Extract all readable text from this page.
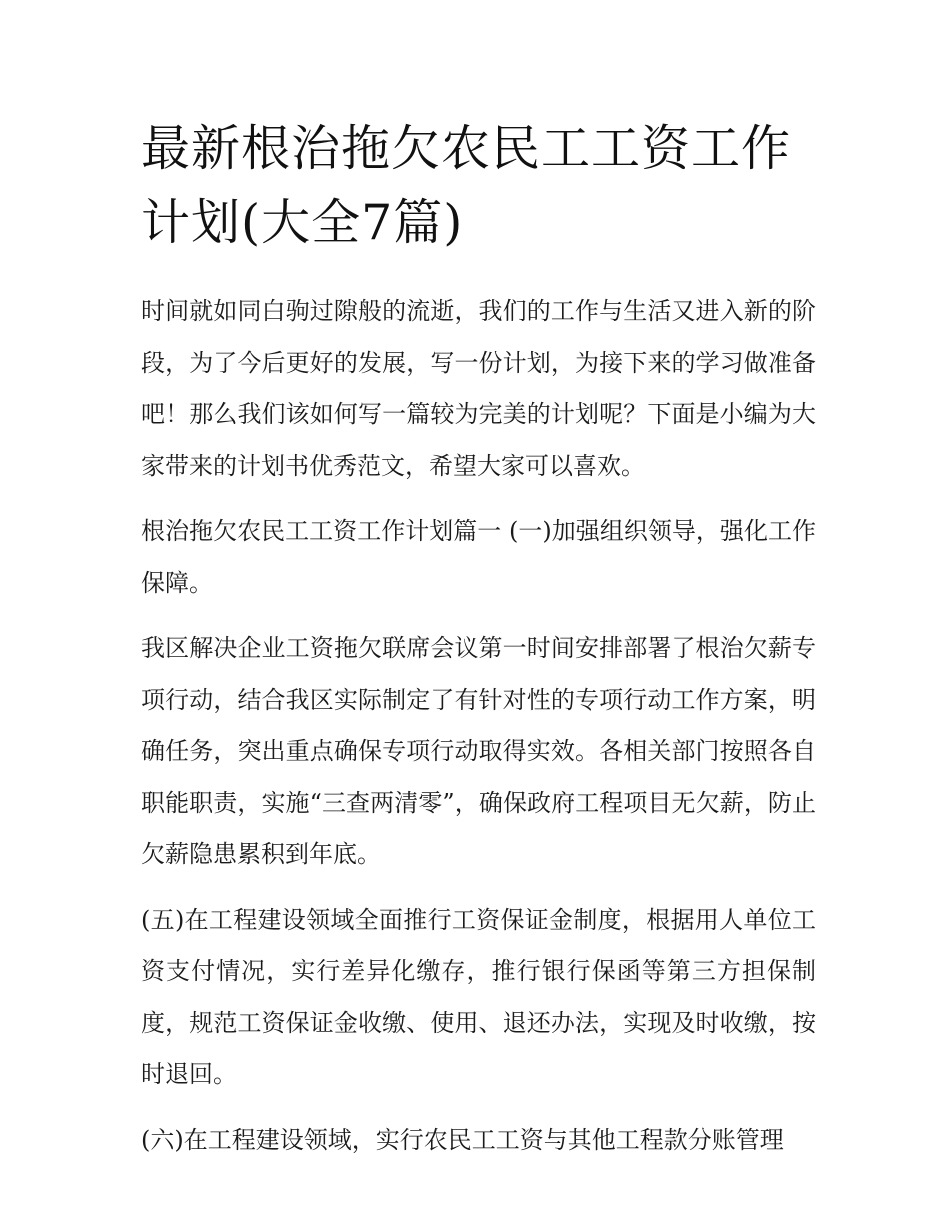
最新根治拖欠农民工工资工作计划(大全7篇)

时间就如同白驹过隙般的流逝，我们的工作与生活又进入新的阶段，为了今后更好的发展，写一份计划，为接下来的学习做准备吧！那么我们该如何写一篇较为完美的计划呢？下面是小编为大家带来的计划书优秀范文，希望大家可以喜欢。

根治拖欠农民工工资工作计划篇一 (一)加强组织领导，强化工作保障。

我区解决企业工资拖欠联席会议第一时间安排部署了根治欠薪专项行动，结合我区实际制定了有针对性的专项行动工作方案，明确任务，突出重点确保专项行动取得实效。各相关部门按照各自职能职责，实施“三查两清零”，确保政府工程项目无欠薪，防止欠薪隐患累积到年底。

(五)在工程建设领域全面推行工资保证金制度，根据用人单位工资支付情况，实行差异化缴存，推行银行保函等第三方担保制度，规范工资保证金收缴、使用、退还办法，实现及时收缴，按时退回。

(六)在工程建设领域，实行农民工工资与其他工程款分账管理
